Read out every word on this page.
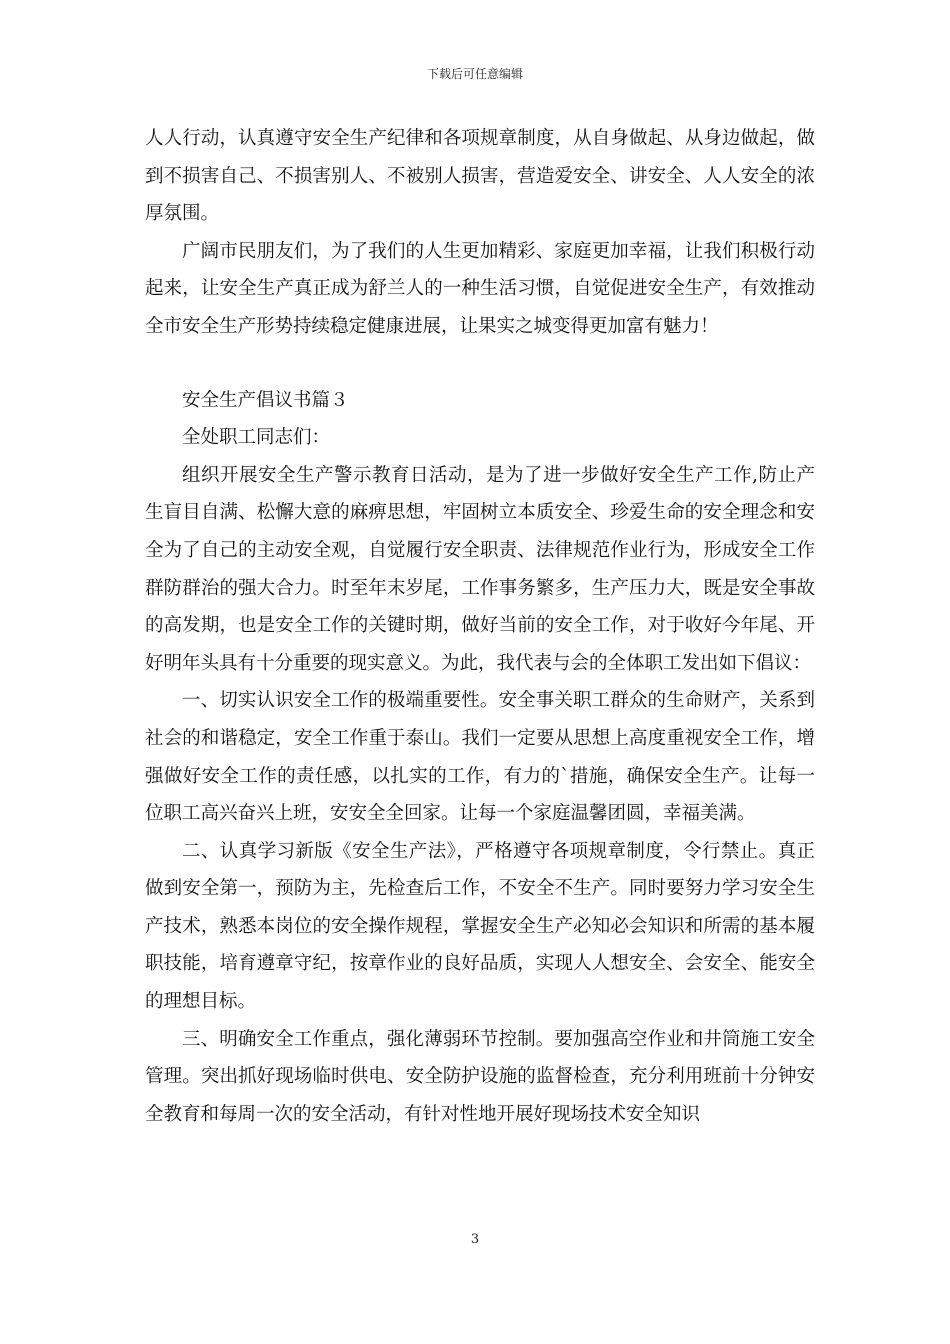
下载后可任意编辑

人人行动，认真遵守安全生产纪律和各项规章制度，从自身做起、从身边做起，做到不损害自己、不损害别人、不被别人损害，营造爱安全、讲安全、人人安全的浓厚氛围。

广阔市民朋友们，为了我们的人生更加精彩、家庭更加幸福，让我们积极行动起来，让安全生产真正成为舒兰人的一种生活习惯，自觉促进安全生产，有效推动全市安全生产形势持续稳定健康进展，让果实之城变得更加富有魅力！

安全生产倡议书篇３

全处职工同志们：

组织开展安全生产警示教育日活动，是为了进一步做好安全生产工作,防止产生盲目自满、松懈大意的麻痹思想，牢固树立本质安全、珍爱生命的安全理念和安全为了自己的主动安全观，自觉履行安全职责、法律规范作业行为，形成安全工作群防群治的强大合力。时至年末岁尾，工作事务繁多，生产压力大，既是安全事故的高发期，也是安全工作的关键时期，做好当前的安全工作，对于收好今年尾、开好明年头具有十分重要的现实意义。为此，我代表与会的全体职工发出如下倡议：

一、切实认识安全工作的极端重要性。安全事关职工群众的生命财产，关系到社会的和谐稳定，安全工作重于泰山。我们一定要从思想上高度重视安全工作，增强做好安全工作的责任感，以扎实的工作，有力的`措施，确保安全生产。让每一位职工高兴奋兴上班，安安全全回家。让每一个家庭温馨团圆，幸福美满。

二、认真学习新版《安全生产法》，严格遵守各项规章制度，令行禁止。真正做到安全第一，预防为主，先检查后工作，不安全不生产。同时要努力学习安全生产技术，熟悉本岗位的安全操作规程，掌握安全生产必知必会知识和所需的基本履职技能，培育遵章守纪，按章作业的良好品质，实现人人想安全、会安全、能安全的理想目标。

三、明确安全工作重点，强化薄弱环节控制。要加强高空作业和井筒施工安全管理。突出抓好现场临时供电、安全防护设施的监督检查，充分利用班前十分钟安全教育和每周一次的安全活动，有针对性地开展好现场技术安全知识

3
